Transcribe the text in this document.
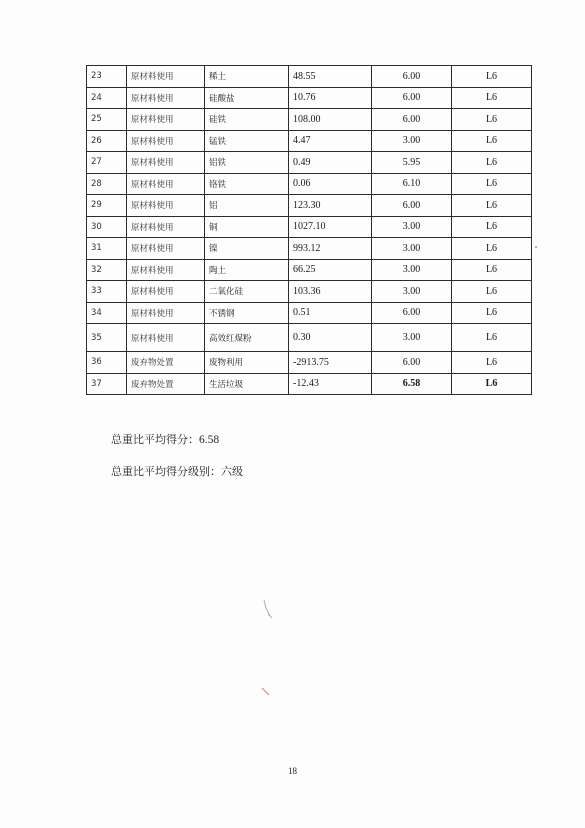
23	原材料使用	稀土	48.55	6.00	L6
24	原材料使用	硅酸盐	10.76	6.00	L6
25	原材料使用	硅铁	108.00	6.00	L6
26	原材料使用	锰铁	4.47	3.00	L6
27	原材料使用	铝铁	0.49	5.95	L6
28	原材料使用	铬铁	0.06	6.10	L6
29	原材料使用	铝	123.30	6.00	L6
30	原材料使用	铜	1027.10	3.00	L6
31	原材料使用	镍	993.12	3.00	L6
32	原材料使用	陶土	66.25	3.00	L6
33	原材料使用	二氧化硅	103.36	3.00	L6
34	原材料使用	不锈钢	0.51	6.00	L6
35	原材料使用	高效红煤粉	0.30	3.00	L6
36	废弃物处置	废物利用	-2913.75	6.00	L6
37	废弃物处置	生活垃圾	-12.43	6.58	L6
总重比平均得分：6.58
总重比平均得分级别：六级
18
